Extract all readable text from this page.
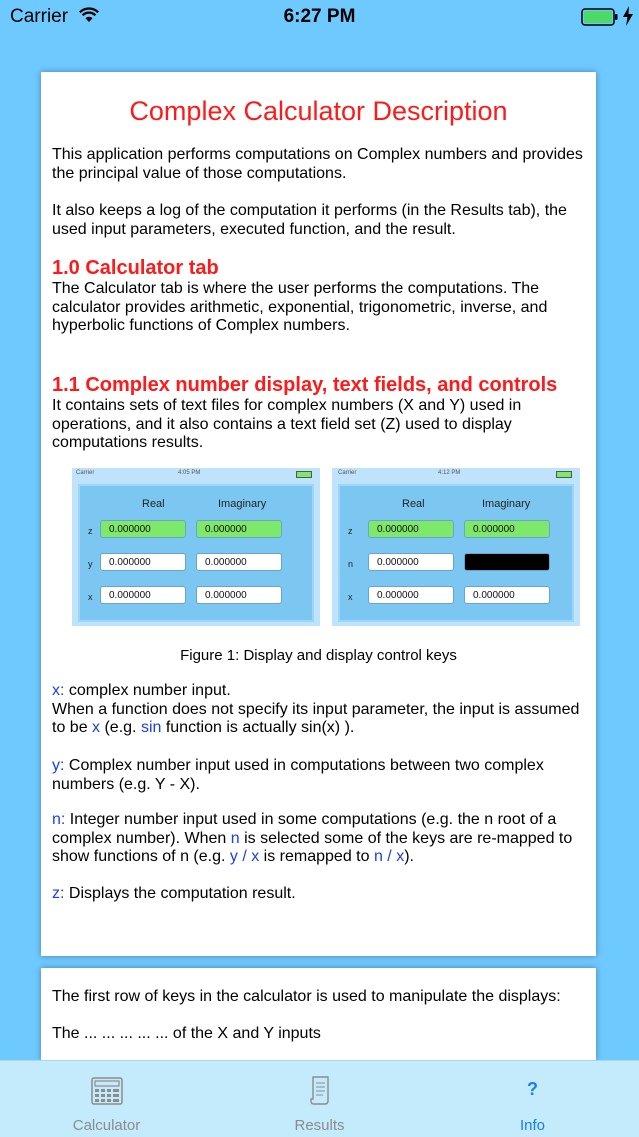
Carrier	6:27 PM
Complex Calculator Description

This application performs computations on Complex numbers and provides the principal value of those computations.

It also keeps a log of the computation it performs (in the Results tab), the used input parameters, executed function, and the result.

1.0 Calculator tab

The Calculator tab is where the user performs the computations. The calculator provides arithmetic, exponential, trigonometric, inverse, and hyperbolic functions of Complex numbers.

1.1 Complex number display, text fields, and controls

It contains sets of text files for complex numbers (X and Y) used in operations, and it also contains a text field set (Z) used to display computations results.

Carrier	4:05 PM
Real	Imaginary
z	0.000000	0.000000
y	0.000000	0.000000
x	0.000000	0.000000
Carrier	4:12 PM
Real	Imaginary
z	0.000000	0.000000
n	0.000000
x	0.000000	0.000000
Figure 1: Display and display control keys

x: complex number input.
When a function does not specify its input parameter, the input is assumed to be x (e.g. sin function is actually sin(x) ).

y: Complex number input used in computations between two complex numbers (e.g. Y - X).

n: Integer number input used in some computations (e.g. the n root of a complex number). When n is selected some of the keys are re-mapped to show functions of n (e.g. y / x is remapped to n / x).

z: Displays the computation result.

The first row of keys in the calculator is used to manipulate the displays:

The ... ... ... ... ... of the X and Y inputs

Calculator	Results
?
Info
